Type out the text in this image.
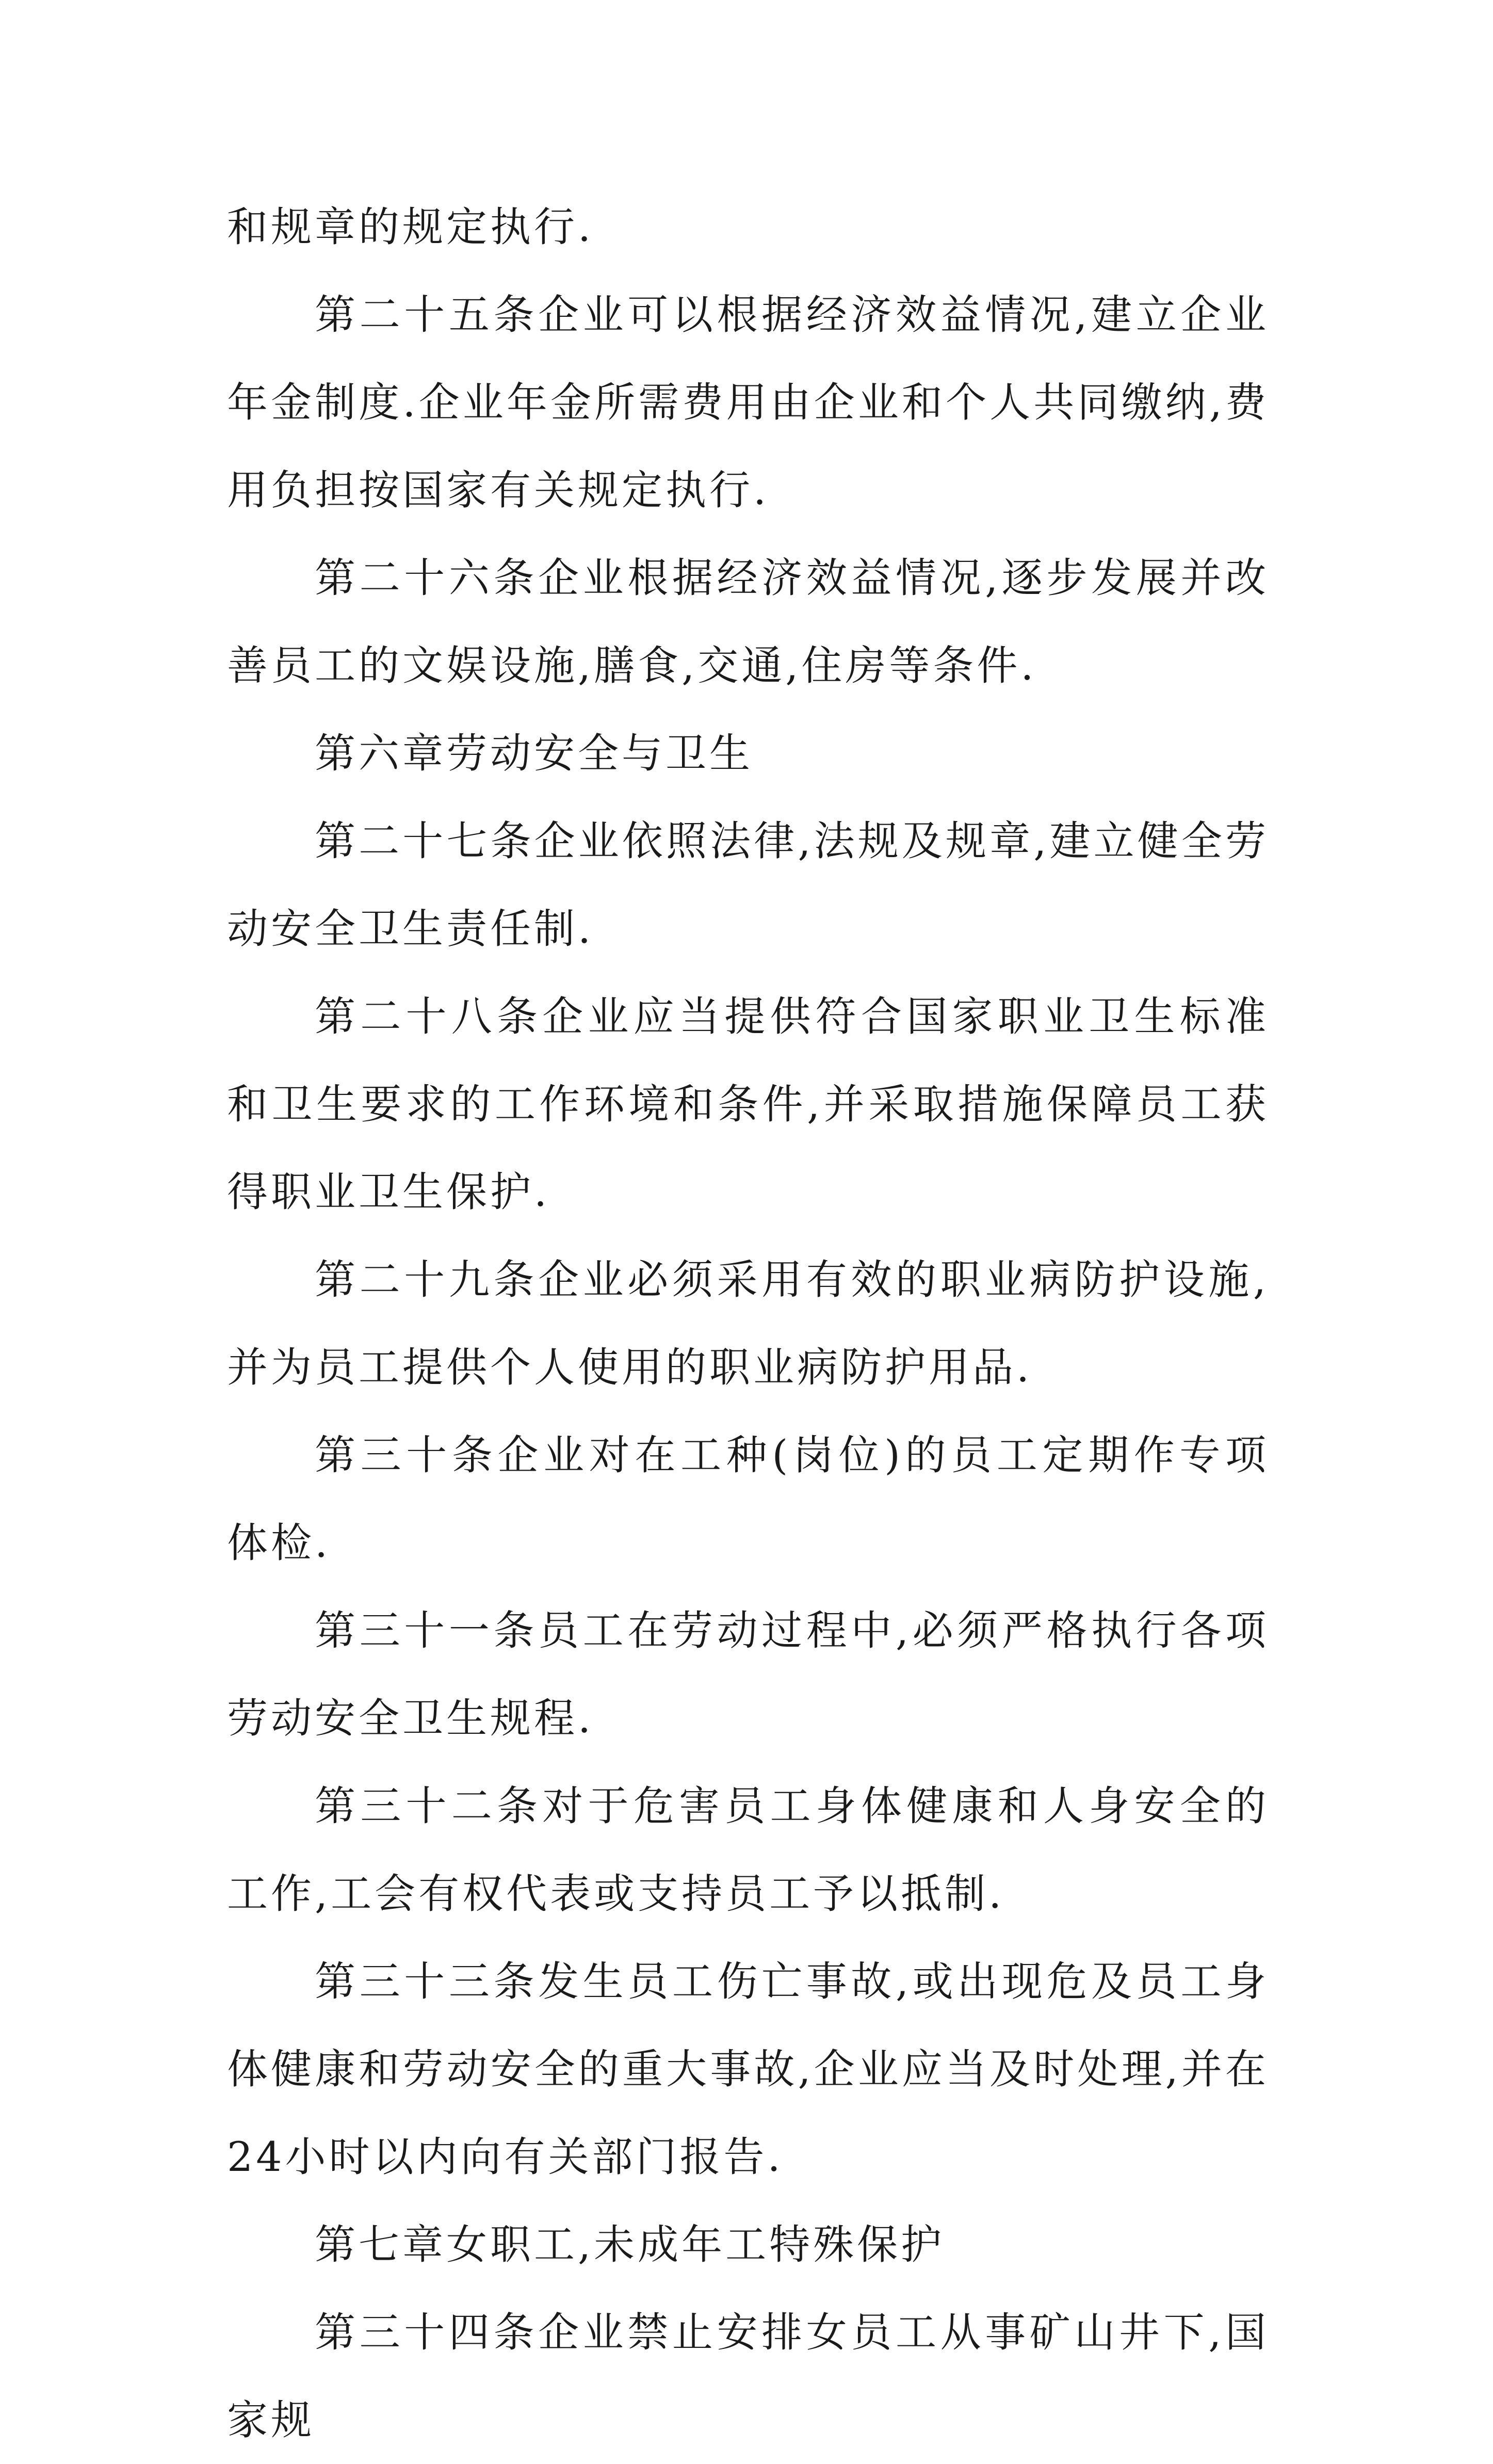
和规章的规定执行.

第二十五条企业可以根据经济效益情况,建立企业年金制度.企业年金所需费用由企业和个人共同缴纳,费用负担按国家有关规定执行.

第二十六条企业根据经济效益情况,逐步发展并改善员工的文娱设施,膳食,交通,住房等条件.

第六章劳动安全与卫生

第二十七条企业依照法律,法规及规章,建立健全劳动安全卫生责任制.

第二十八条企业应当提供符合国家职业卫生标准和卫生要求的工作环境和条件,并采取措施保障员工获得职业卫生保护.

第二十九条企业必须采用有效的职业病防护设施,并为员工提供个人使用的职业病防护用品.

第三十条企业对在工种(岗位)的员工定期作专项体检.

第三十一条员工在劳动过程中,必须严格执行各项劳动安全卫生规程.

第三十二条对于危害员工身体健康和人身安全的工作,工会有权代表或支持员工予以抵制.

第三十三条发生员工伤亡事故,或出现危及员工身体健康和劳动安全的重大事故,企业应当及时处理,并在24小时以内向有关部门报告.

第七章女职工,未成年工特殊保护

第三十四条企业禁止安排女员工从事矿山井下,国家规
